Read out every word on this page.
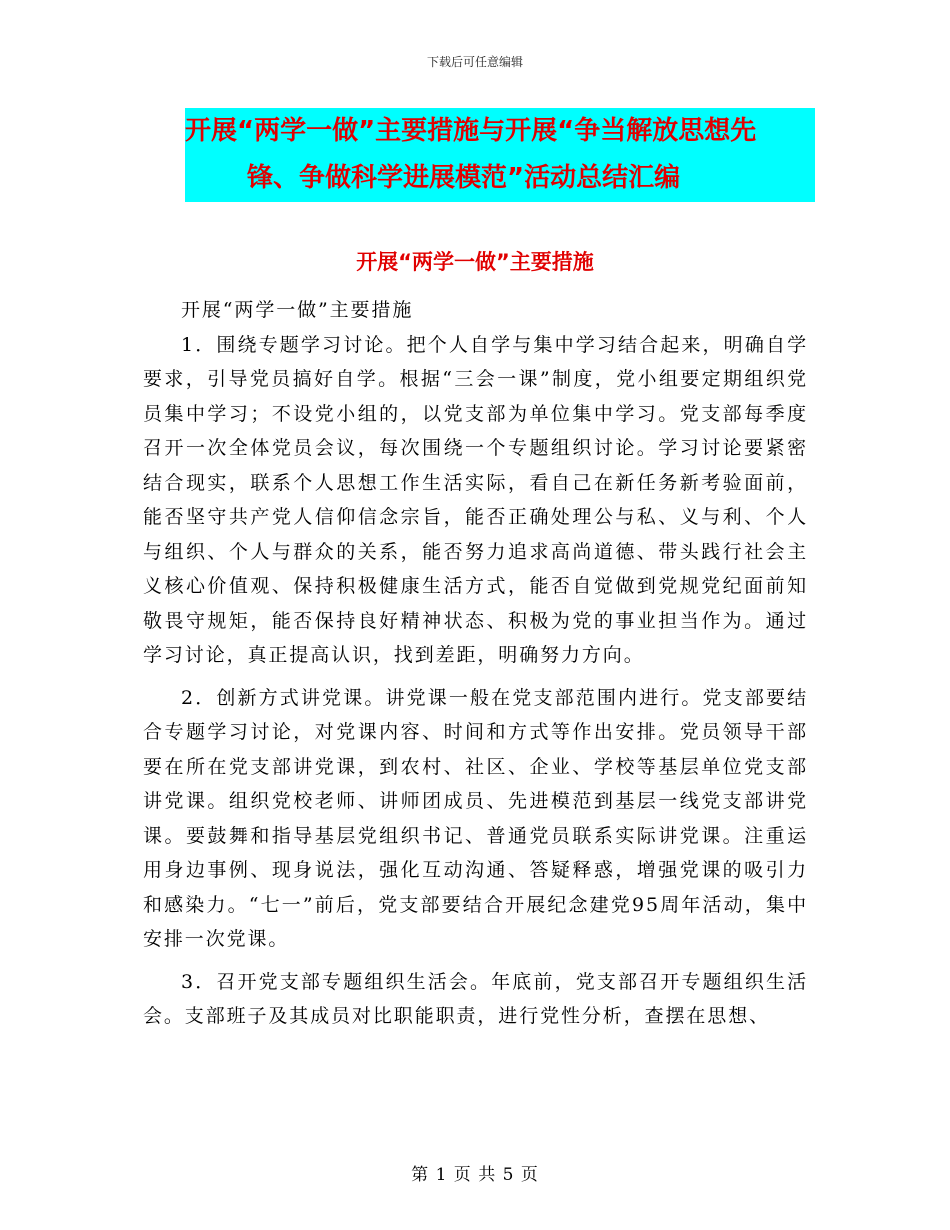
下载后可任意编辑
开展“两学一做”主要措施与开展“争当解放思想先
锋、争做科学进展模范”活动总结汇编
开展“两学一做”主要措施

开展“两学一做”主要措施

1．围绕专题学习讨论。把个人自学与集中学习结合起来，明确自学要求，引导党员搞好自学。根据“三会一课”制度，党小组要定期组织党员集中学习；不设党小组的，以党支部为单位集中学习。党支部每季度召开一次全体党员会议，每次围绕一个专题组织讨论。学习讨论要紧密结合现实，联系个人思想工作生活实际，看自己在新任务新考验面前，能否坚守共产党人信仰信念宗旨，能否正确处理公与私、义与利、个人与组织、个人与群众的关系，能否努力追求高尚道德、带头践行社会主义核心价值观、保持积极健康生活方式，能否自觉做到党规党纪面前知敬畏守规矩，能否保持良好精神状态、积极为党的事业担当作为。通过学习讨论，真正提高认识，找到差距，明确努力方向。

2．创新方式讲党课。讲党课一般在党支部范围内进行。党支部要结合专题学习讨论，对党课内容、时间和方式等作出安排。党员领导干部要在所在党支部讲党课，到农村、社区、企业、学校等基层单位党支部讲党课。组织党校老师、讲师团成员、先进模范到基层一线党支部讲党课。要鼓舞和指导基层党组织书记、普通党员联系实际讲党课。注重运用身边事例、现身说法，强化互动沟通、答疑释惑，增强党课的吸引力和感染力。“七一”前后，党支部要结合开展纪念建党95周年活动，集中安排一次党课。

3．召开党支部专题组织生活会。年底前，党支部召开专题组织生活会。支部班子及其成员对比职能职责，进行党性分析，查摆在思想、

第 1 页 共 5 页
